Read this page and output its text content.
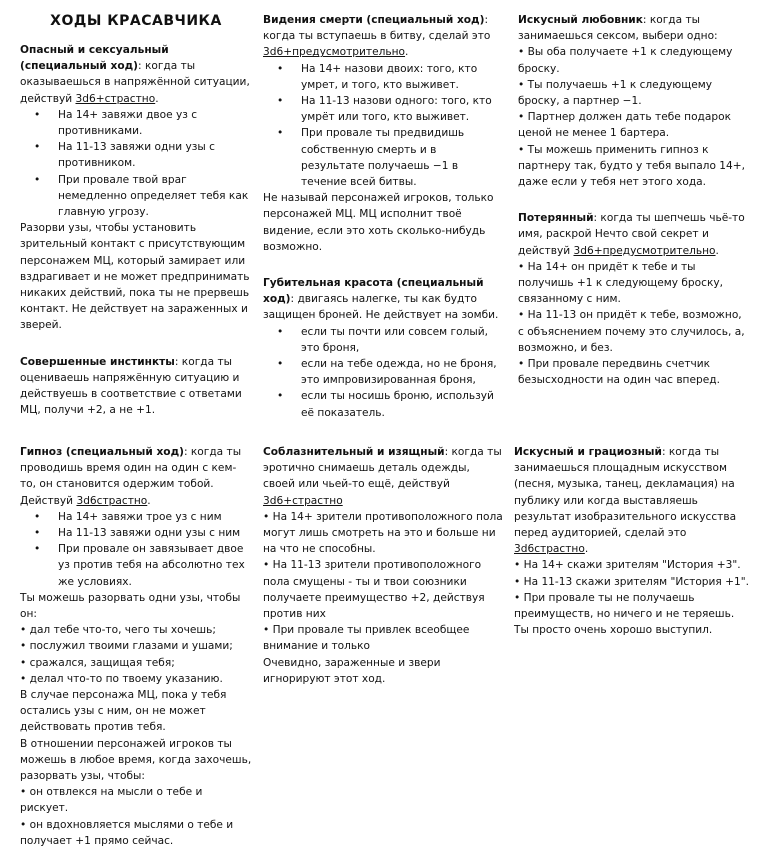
ХОДЫ КРАСАВЧИКА

Опасный и сексуальный (специальный ход): когда ты оказываешься в напряжённой ситуации, действуй 3d6+страстно.

• На 14+ завяжи двое уз с противниками.
• На 11-13 завяжи одни узы с противником.
• При провале твой враг немедленно определяет тебя как главную угрозу.

Разорви узы, чтобы установить зрительный контакт с присутствующим персонажем МЦ, который замирает или вздрагивает и не может предпринимать никаких действий, пока ты не прервешь контакт. Не действует на зараженных и зверей.

Совершенные инстинкты: когда ты оцениваешь напряжённую ситуацию и действуешь в соответствие с ответами МЦ, получи +2, а не +1.

Видения смерти (специальный ход): когда ты вступаешь в битву, сделай это 3d6+предусмотрительно.

• На 14+ назови двоих: того, кто умрет, и того, кто выживет.
• На 11-13 назови одного: того, кто умрёт или того, кто выживет.
• При провале ты предвидишь собственную смерть и в результате получаешь −1 в течение всей битвы.

Не называй персонажей игроков, только персонажей МЦ. МЦ исполнит твоё видение, если это хоть сколько-нибудь возможно.

Губительная красота (специальный ход): двигаясь налегке, ты как будто защищен броней. Не действует на зомби.

• если ты почти или совсем голый, это броня,
• если на тебе одежда, но не броня, это импровизированная броня,
• если ты носишь броню, используй её показатель.

Искусный любовник: когда ты занимаешься сексом, выбери одно:

• Вы оба получаете +1 к следующему броску.

• Ты получаешь +1 к следующему броску, а партнер −1.

• Партнер должен дать тебе подарок ценой не менее 1 бартера.

• Ты можешь применить гипноз к партнеру так, будто у тебя выпало 14+, даже если у тебя нет этого хода.

Потерянный: когда ты шепчешь чьё-то имя, раскрой Нечто свой секрет и действуй 3d6+предусмотрительно.

• На 14+ он придёт к тебе и ты получишь +1 к следующему броску, связанному с ним.

• На 11-13 он придёт к тебе, возможно, с объяснением почему это случилось, а, возможно, и без.

• При провале передвинь счетчик безысходности на один час вперед.

Гипноз (специальный ход): когда ты проводишь время один на один с кем-то, он становится одержим тобой. Действуй 3d6страстно.

• На 14+ завяжи трое уз с ним
• На 11-13 завяжи одни узы с ним
• При провале он завязывает двое уз против тебя на абсолютно тех же условиях.

Ты можешь разорвать одни узы, чтобы он:

• дал тебе что-то, чего ты хочешь;

• послужил твоими глазами и ушами;

• сражался, защищая тебя;

• делал что-то по твоему указанию.

В случае персонажа МЦ, пока у тебя остались узы с ним, он не может действовать против тебя.

В отношении персонажей игроков ты можешь в любое время, когда захочешь, разорвать узы, чтобы:

• он отвлекся на мысли о тебе и рискует.

• он вдохновляется мыслями о тебе и получает +1 прямо сейчас.

Соблазнительный и изящный: когда ты эротично снимаешь деталь одежды, своей или чьей-то ещё, действуй 3d6+страстно

• На 14+ зрители противоположного пола могут лишь смотреть на это и больше ни на что не способны.

• На 11-13 зрители противоположного пола смущены - ты и твои союзники получаете преимущество +2, действуя против них

• При провале ты привлек всеобщее внимание и только

Очевидно, зараженные и звери игнорируют этот ход.

Искусный и грациозный: когда ты занимаешься площадным искусством (песня, музыка, танец, декламация) на публику или когда выставляешь результат изобразительного искусства перед аудиторией, сделай это 3d6страстно.

• На 14+ скажи зрителям "История +3".

• На 11-13 скажи зрителям "История +1".

• При провале ты не получаешь преимуществ, но ничего и не теряешь. Ты просто очень хорошо выступил.
